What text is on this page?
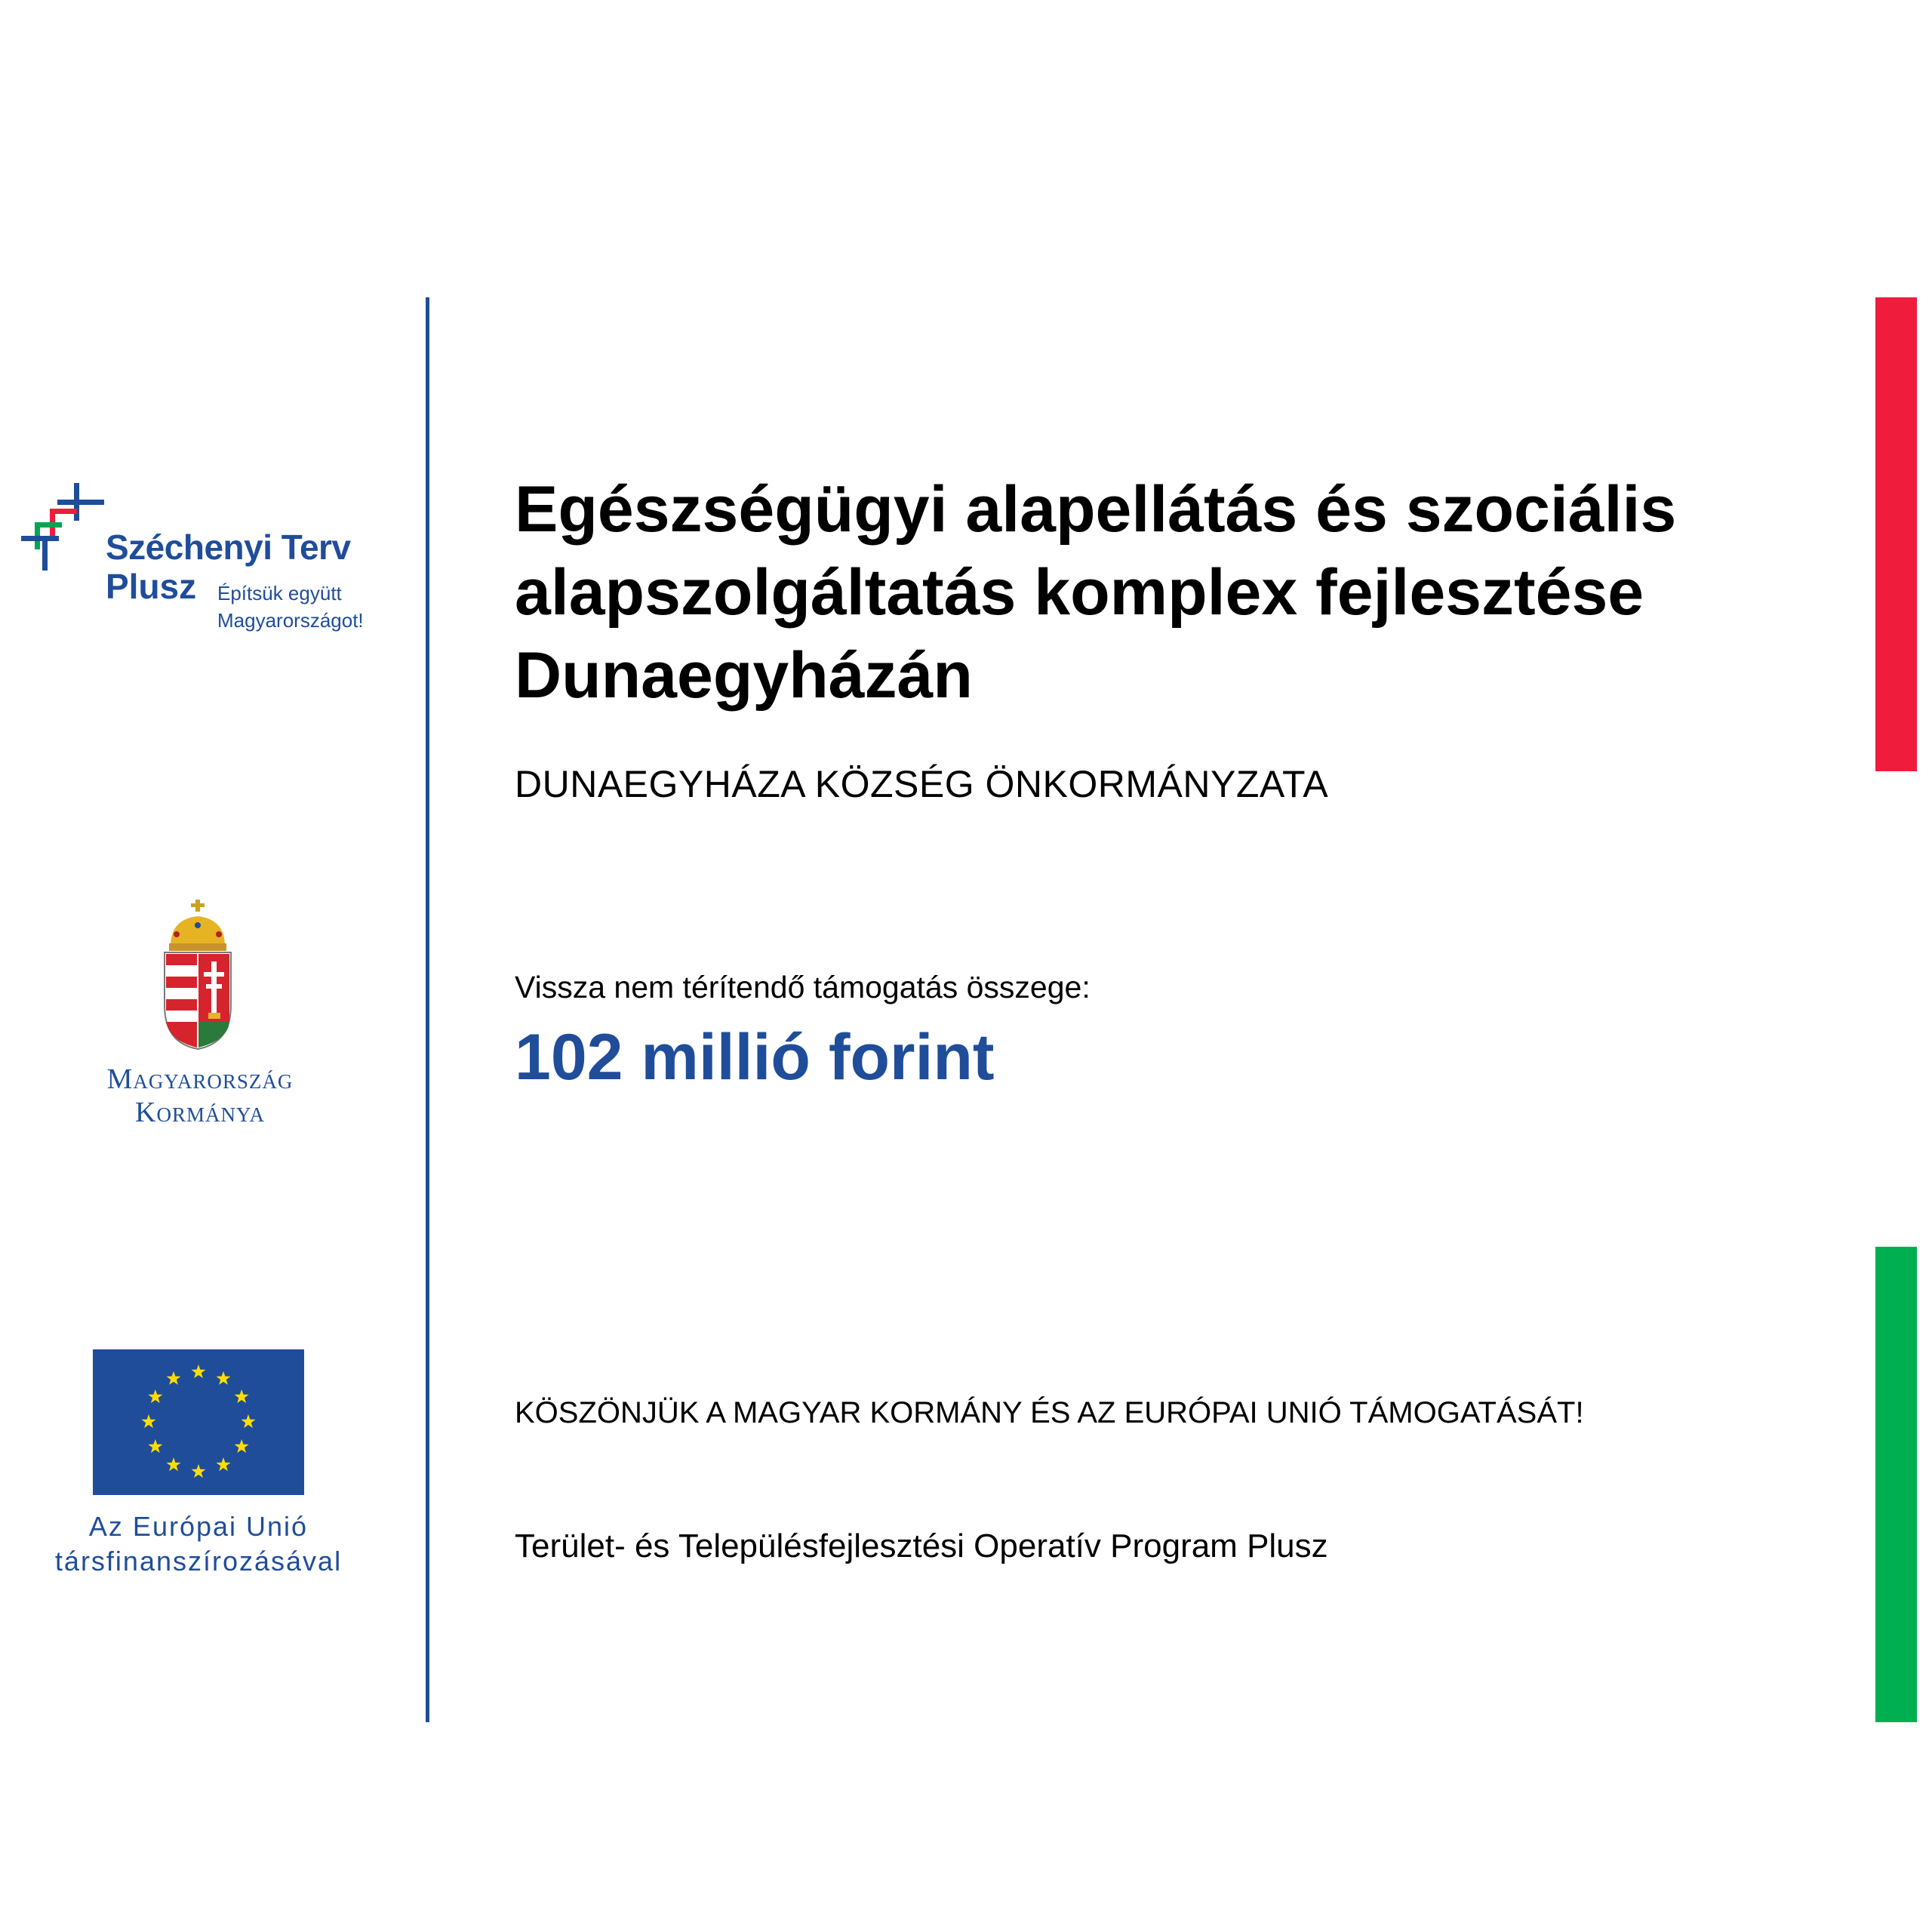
Széchenyi Terv
Plusz Építsük együtt
Magyarországot!
Magyarország
Kormánya
Az Európai Unió
társfinanszírozásával
Egészségügyi alapellátás és szociális alapszolgáltatás komplex fejlesztése Dunaegyházán
DUNAEGYHÁZA KÖZSÉG ÖNKORMÁNYZATA
Vissza nem térítendő támogatás összege:
102 millió forint
KÖSZÖNJÜK A MAGYAR KORMÁNY ÉS AZ EURÓPAI UNIÓ TÁMOGATÁSÁT!
Terület- és Településfejlesztési Operatív Program Plusz
